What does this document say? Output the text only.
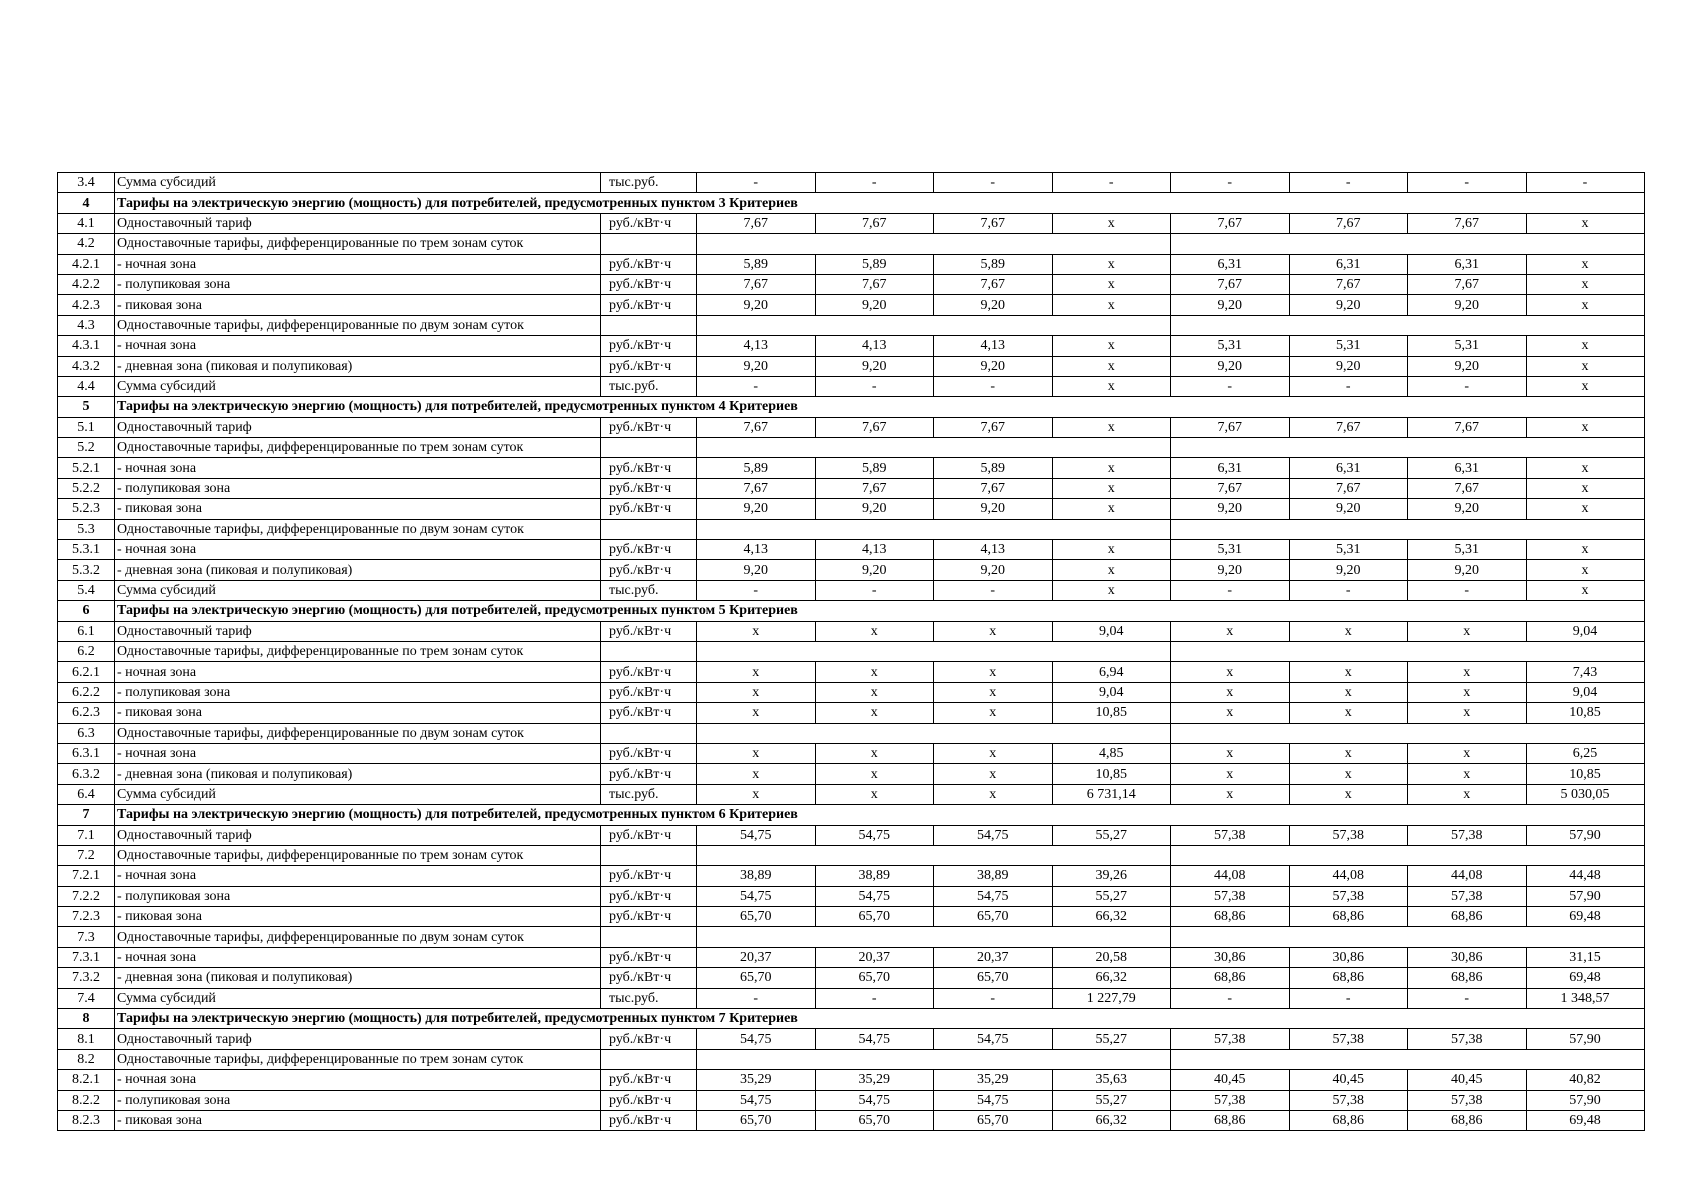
3.4	Сумма субсидий	тыс.руб.	-	-	-	-	-	-	-	-
4	Тарифы на электрическую энергию (мощность) для потребителей, предусмотренных пунктом 3 Критериев									
4.1	Одноставочный тариф	руб./кВт·ч	7,67	7,67	7,67	x	7,67	7,67	7,67	x
4.2	Одноставочные тарифы, дифференцированные по трем зонам суток									
4.2.1	- ночная зона	руб./кВт·ч	5,89	5,89	5,89	x	6,31	6,31	6,31	x
4.2.2	- полупиковая зона	руб./кВт·ч	7,67	7,67	7,67	x	7,67	7,67	7,67	x
4.2.3	- пиковая зона	руб./кВт·ч	9,20	9,20	9,20	x	9,20	9,20	9,20	x
4.3	Одноставочные тарифы, дифференцированные по двум зонам суток									
4.3.1	- ночная зона	руб./кВт·ч	4,13	4,13	4,13	x	5,31	5,31	5,31	x
4.3.2	- дневная зона (пиковая и полупиковая)	руб./кВт·ч	9,20	9,20	9,20	x	9,20	9,20	9,20	x
4.4	Сумма субсидий	тыс.руб.	-	-	-	x	-	-	-	x
5	Тарифы на электрическую энергию (мощность) для потребителей, предусмотренных пунктом 4 Критериев									
5.1	Одноставочный тариф	руб./кВт·ч	7,67	7,67	7,67	x	7,67	7,67	7,67	x
5.2	Одноставочные тарифы, дифференцированные по трем зонам суток									
5.2.1	- ночная зона	руб./кВт·ч	5,89	5,89	5,89	x	6,31	6,31	6,31	x
5.2.2	- полупиковая зона	руб./кВт·ч	7,67	7,67	7,67	x	7,67	7,67	7,67	x
5.2.3	- пиковая зона	руб./кВт·ч	9,20	9,20	9,20	x	9,20	9,20	9,20	x
5.3	Одноставочные тарифы, дифференцированные по двум зонам суток									
5.3.1	- ночная зона	руб./кВт·ч	4,13	4,13	4,13	x	5,31	5,31	5,31	x
5.3.2	- дневная зона (пиковая и полупиковая)	руб./кВт·ч	9,20	9,20	9,20	x	9,20	9,20	9,20	x
5.4	Сумма субсидий	тыс.руб.	-	-	-	x	-	-	-	x
6	Тарифы на электрическую энергию (мощность) для потребителей, предусмотренных пунктом 5 Критериев									
6.1	Одноставочный тариф	руб./кВт·ч	x	x	x	9,04	x	x	x	9,04
6.2	Одноставочные тарифы, дифференцированные по трем зонам суток									
6.2.1	- ночная зона	руб./кВт·ч	x	x	x	6,94	x	x	x	7,43
6.2.2	- полупиковая зона	руб./кВт·ч	x	x	x	9,04	x	x	x	9,04
6.2.3	- пиковая зона	руб./кВт·ч	x	x	x	10,85	x	x	x	10,85
6.3	Одноставочные тарифы, дифференцированные по двум зонам суток									
6.3.1	- ночная зона	руб./кВт·ч	x	x	x	4,85	x	x	x	6,25
6.3.2	- дневная зона (пиковая и полупиковая)	руб./кВт·ч	x	x	x	10,85	x	x	x	10,85
6.4	Сумма субсидий	тыс.руб.	x	x	x	6 731,14	x	x	x	5 030,05
7	Тарифы на электрическую энергию (мощность) для потребителей, предусмотренных пунктом 6 Критериев									
7.1	Одноставочный тариф	руб./кВт·ч	54,75	54,75	54,75	55,27	57,38	57,38	57,38	57,90
7.2	Одноставочные тарифы, дифференцированные по трем зонам суток									
7.2.1	- ночная зона	руб./кВт·ч	38,89	38,89	38,89	39,26	44,08	44,08	44,08	44,48
7.2.2	- полупиковая зона	руб./кВт·ч	54,75	54,75	54,75	55,27	57,38	57,38	57,38	57,90
7.2.3	- пиковая зона	руб./кВт·ч	65,70	65,70	65,70	66,32	68,86	68,86	68,86	69,48
7.3	Одноставочные тарифы, дифференцированные по двум зонам суток									
7.3.1	- ночная зона	руб./кВт·ч	20,37	20,37	20,37	20,58	30,86	30,86	30,86	31,15
7.3.2	- дневная зона (пиковая и полупиковая)	руб./кВт·ч	65,70	65,70	65,70	66,32	68,86	68,86	68,86	69,48
7.4	Сумма субсидий	тыс.руб.	-	-	-	1 227,79	-	-	-	1 348,57
8	Тарифы на электрическую энергию (мощность) для потребителей, предусмотренных пунктом 7 Критериев									
8.1	Одноставочный тариф	руб./кВт·ч	54,75	54,75	54,75	55,27	57,38	57,38	57,38	57,90
8.2	Одноставочные тарифы, дифференцированные по трем зонам суток									
8.2.1	- ночная зона	руб./кВт·ч	35,29	35,29	35,29	35,63	40,45	40,45	40,45	40,82
8.2.2	- полупиковая зона	руб./кВт·ч	54,75	54,75	54,75	55,27	57,38	57,38	57,38	57,90
8.2.3	- пиковая зона	руб./кВт·ч	65,70	65,70	65,70	66,32	68,86	68,86	68,86	69,48
